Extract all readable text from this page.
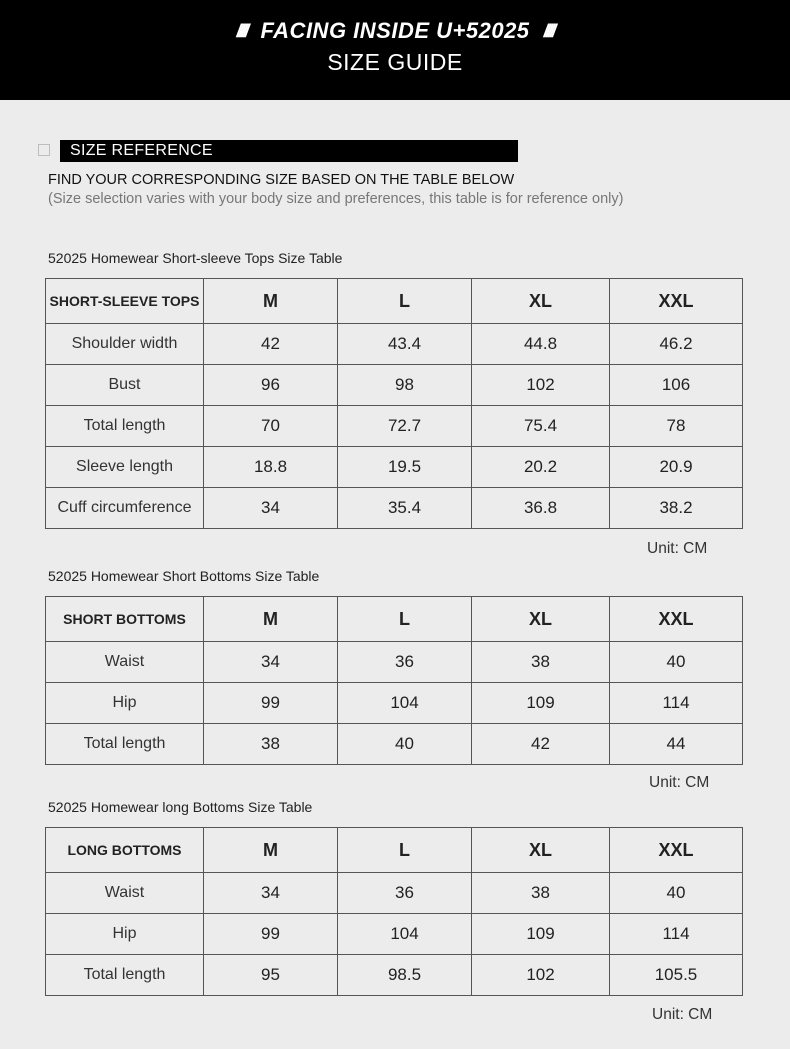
///// FACING INSIDE U+52025 /////
SIZE GUIDE
SIZE REFERENCE
FIND YOUR CORRESPONDING SIZE BASED ON THE TABLE BELOW
(Size selection varies with your body size and preferences, this table is for reference only)
52025 Homewear Short-sleeve Tops Size Table
SHORT-SLEEVE TOPS	M	L	XL	XXL
Shoulder width	42	43.4	44.8	46.2
Bust	96	98	102	106
Total length	70	72.7	75.4	78
Sleeve length	18.8	19.5	20.2	20.9
Cuff circumference	34	35.4	36.8	38.2
Unit: CM
52025 Homewear Short Bottoms Size Table
SHORT BOTTOMS	M	L	XL	XXL
Waist	34	36	38	40
Hip	99	104	109	114
Total length	38	40	42	44
Unit: CM
52025 Homewear long Bottoms Size Table
LONG BOTTOMS	M	L	XL	XXL
Waist	34	36	38	40
Hip	99	104	109	114
Total length	95	98.5	102	105.5
Unit: CM
